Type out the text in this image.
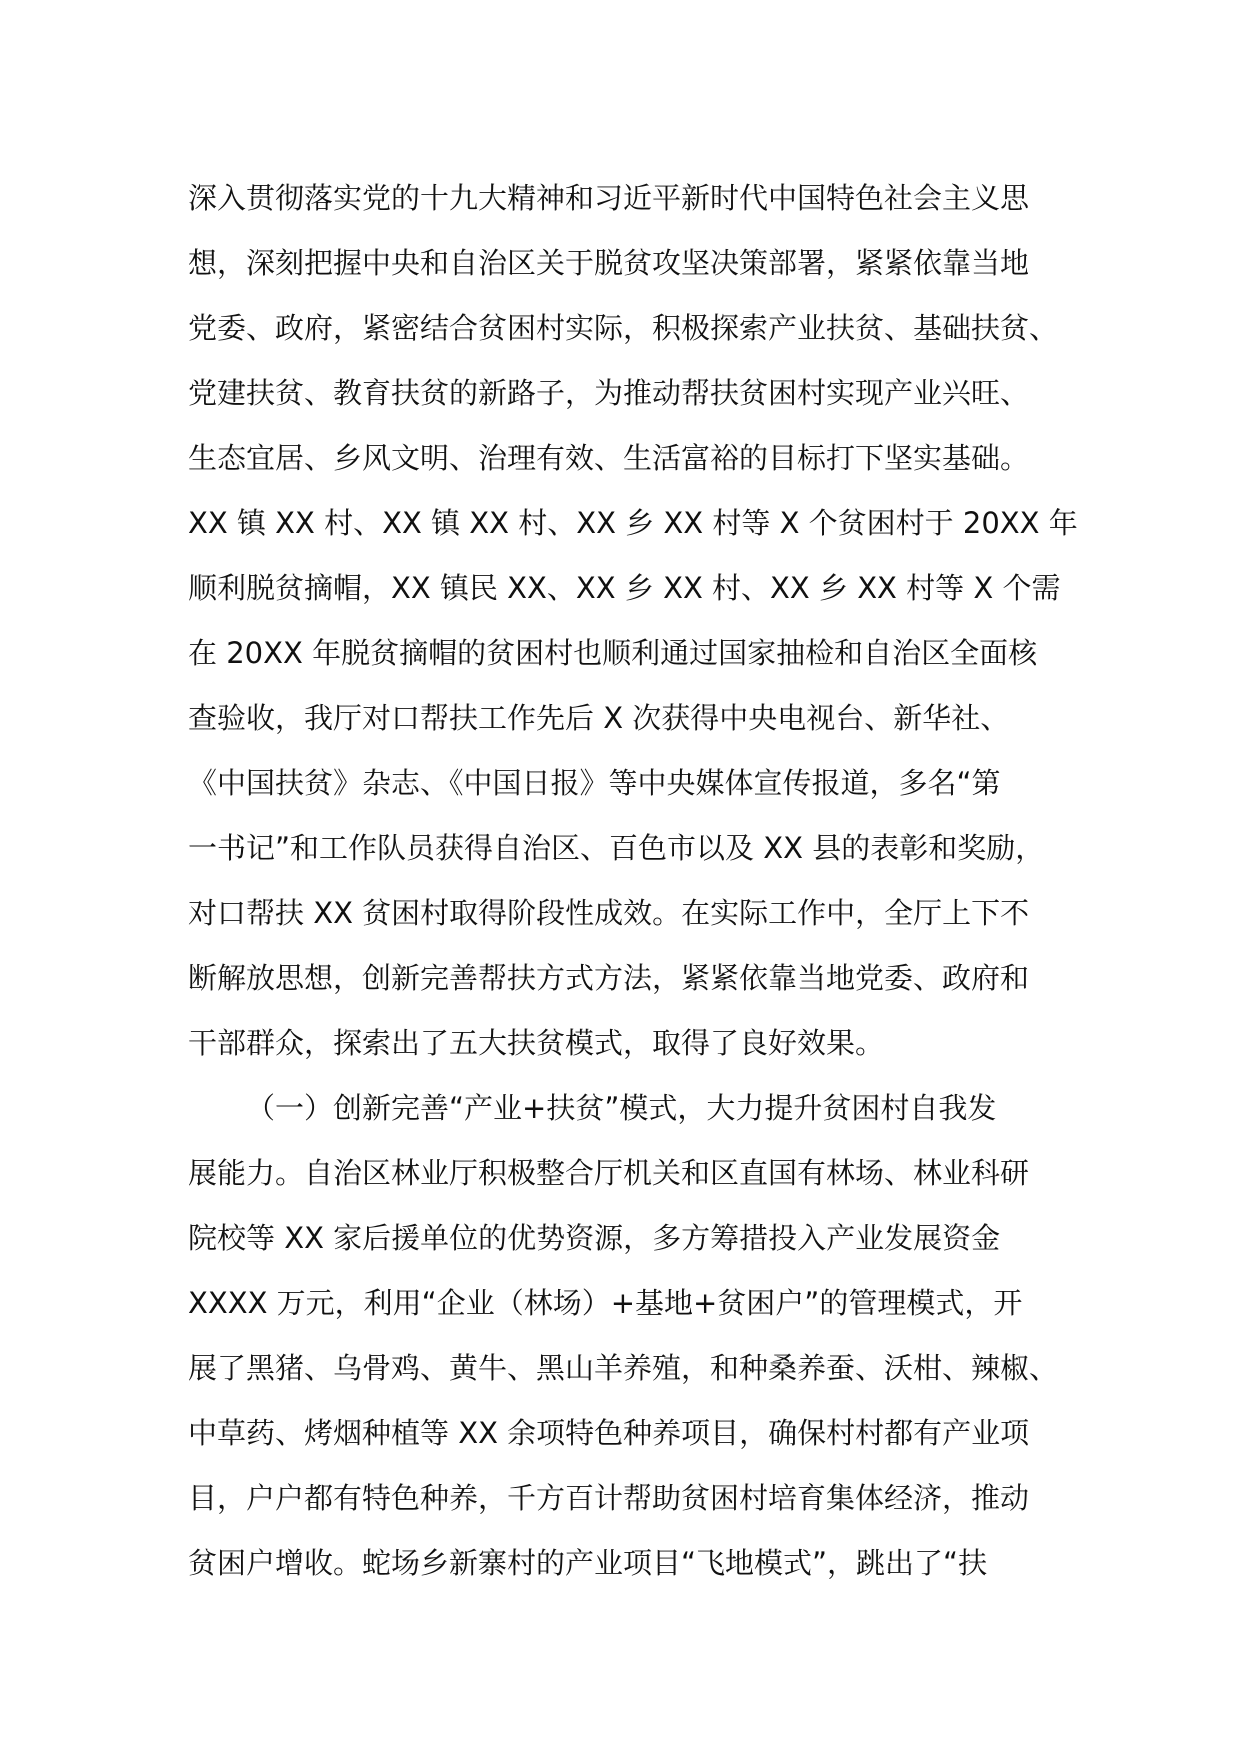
深入贯彻落实党的十九大精神和习近平新时代中国特色社会主义思
想，深刻把握中央和自治区关于脱贫攻坚决策部署，紧紧依靠当地
党委、政府，紧密结合贫困村实际，积极探索产业扶贫、基础扶贫、
党建扶贫、教育扶贫的新路子，为推动帮扶贫困村实现产业兴旺、
生态宜居、乡风文明、治理有效、生活富裕的目标打下坚实基础。
XX 镇 XX 村、XX 镇 XX 村、XX 乡 XX 村等 X 个贫困村于 20XX 年
顺利脱贫摘帽，XX 镇民 XX、XX 乡 XX 村、XX 乡 XX 村等 X 个需
在 20XX 年脱贫摘帽的贫困村也顺利通过国家抽检和自治区全面核
查验收，我厅对口帮扶工作先后 X 次获得中央电视台、新华社、
《中国扶贫》杂志、《中国日报》等中央媒体宣传报道，多名“第
一书记”和工作队员获得自治区、百色市以及 XX 县的表彰和奖励，
对口帮扶 XX 贫困村取得阶段性成效。在实际工作中，全厅上下不
断解放思想，创新完善帮扶方式方法，紧紧依靠当地党委、政府和
干部群众，探索出了五大扶贫模式，取得了良好效果。
（一）创新完善“产业+扶贫”模式，大力提升贫困村自我发
展能力。自治区林业厅积极整合厅机关和区直国有林场、林业科研
院校等 XX 家后援单位的优势资源，多方筹措投入产业发展资金
XXXX 万元，利用“企业（林场）+基地+贫困户”的管理模式，开
展了黑猪、乌骨鸡、黄牛、黑山羊养殖，和种桑养蚕、沃柑、辣椒、
中草药、烤烟种植等 XX 余项特色种养项目，确保村村都有产业项
目，户户都有特色种养，千方百计帮助贫困村培育集体经济，推动
贫困户增收。蛇场乡新寨村的产业项目“飞地模式”，跳出了“扶
